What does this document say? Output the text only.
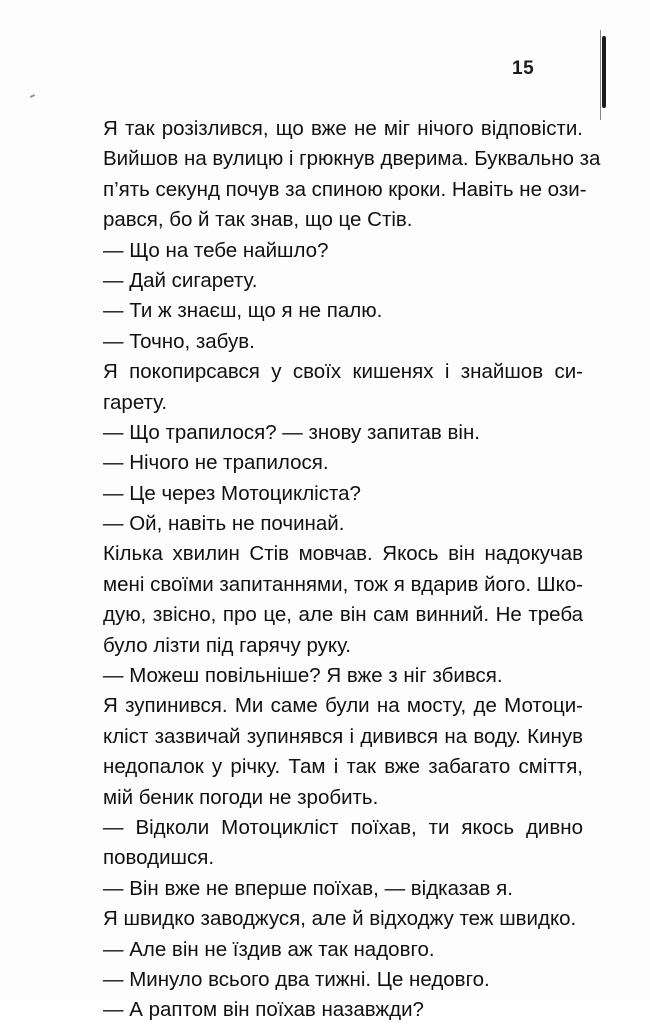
15
Я так розізлився, що вже не міг нічого відповісти.
Вийшов на вулицю і грюкнув дверима. Буквально за
п’ять секунд почув за спиною кроки. Навіть не ози-
рався, бо й так знав, що це Стів.
— Що на тебе найшло?
— Дай сигарету.
— Ти ж знаєш, що я не палю.
— Точно, забув.
Я покопирсався у своїх кишенях і знайшов си-
гарету.
— Що трапилося? — знову запитав він.
— Нічого не трапилося.
— Це через Мотоцикліста?
— Ой, навіть не починай.
Кілька хвилин Стів мовчав. Якось він надокучав
мені своїми запитаннями, тож я вдарив його. Шко-
дую, звісно, про це, але він сам винний. Не треба
було лізти під гарячу руку.
— Можеш повільніше? Я вже з ніг збився.
Я зупинився. Ми саме були на мосту, де Мотоци-
кліст зазвичай зупинявся і дивився на воду. Кинув
недопалок у річку. Там і так вже забагато сміття,
мій беник погоди не зробить.
— Відколи Мотоцикліст поїхав, ти якось дивно
поводишся.
— Він вже не вперше поїхав, — відказав я.
Я швидко заводжуся, але й відходжу теж швидко.
— Але він не їздив аж так надовго.
— Минуло всього два тижні. Це недовго.
— А раптом він поїхав назавжди?
